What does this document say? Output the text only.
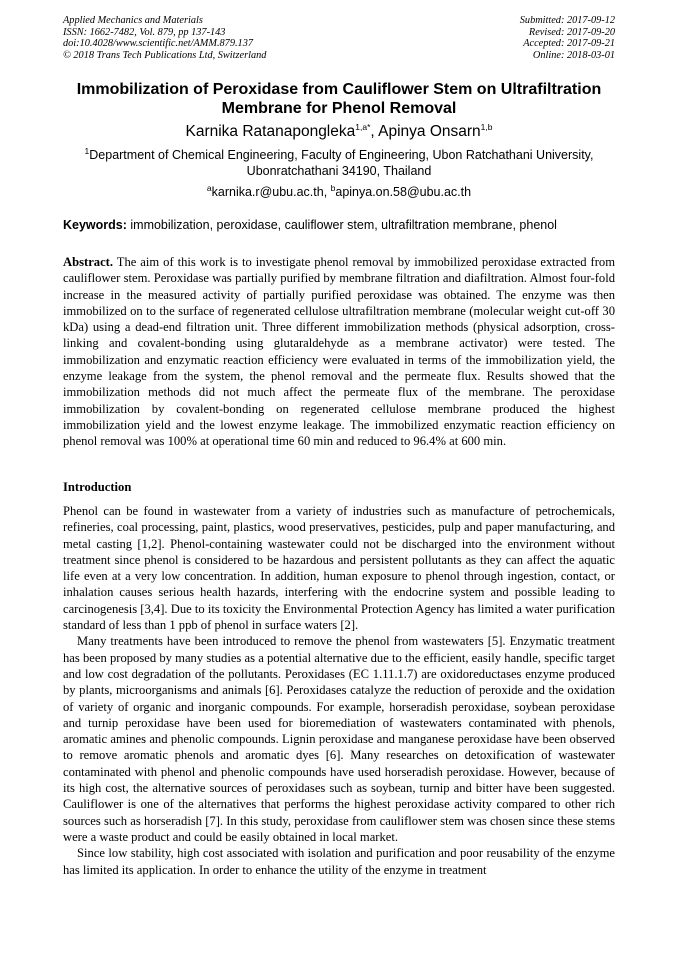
Applied Mechanics and Materials
ISSN: 1662-7482, Vol. 879, pp 137-143
doi:10.4028/www.scientific.net/AMM.879.137
© 2018 Trans Tech Publications Ltd, Switzerland
Submitted: 2017-09-12
Revised: 2017-09-20
Accepted: 2017-09-21
Online: 2018-03-01
Immobilization of Peroxidase from Cauliflower Stem on Ultrafiltration Membrane for Phenol Removal
Karnika Ratanapongleka$^{1,a*}$, Apinya Onsarn$^{1,b}$
$^1$Department of Chemical Engineering, Faculty of Engineering, Ubon Ratchathani University,
Ubonratchathani 34190, Thailand
$^a$karnika.r@ubu.ac.th, $^b$apinya.on.58@ubu.ac.th
Keywords: immobilization, peroxidase, cauliflower stem, ultrafiltration membrane, phenol

Abstract. The aim of this work is to investigate phenol removal by immobilized peroxidase extracted from cauliflower stem. Peroxidase was partially purified by membrane filtration and diafiltration. Almost four-fold increase in the measured activity of partially purified peroxidase was obtained. The enzyme was then immobilized on to the surface of regenerated cellulose ultrafiltration membrane (molecular weight cut-off 30 kDa) using a dead-end filtration unit. Three different immobilization methods (physical adsorption, cross-linking and covalent-bonding using glutaraldehyde as a membrane activator) were tested. The immobilization and enzymatic reaction efficiency were evaluated in terms of the immobilization yield, the enzyme leakage from the system, the phenol removal and the permeate flux. Results showed that the immobilization methods did not much affect the permeate flux of the membrane. The peroxidase immobilization by covalent-bonding on regenerated cellulose membrane produced the highest immobilization yield and the lowest enzyme leakage. The immobilized enzymatic reaction efficiency on phenol removal was 100% at operational time 60 min and reduced to 96.4% at 600 min.

Introduction

Phenol can be found in wastewater from a variety of industries such as manufacture of petrochemicals, refineries, coal processing, paint, plastics, wood preservatives, pesticides, pulp and paper manufacturing, and metal casting [1,2]. Phenol-containing wastewater could not be discharged into the environment without treatment since phenol is considered to be hazardous and persistent pollutants as they can affect the aquatic life even at a very low concentration. In addition, human exposure to phenol through ingestion, contact, or inhalation causes serious health hazards, interfering with the endocrine system and possible leading to carcinogenesis [3,4]. Due to its toxicity the Environmental Protection Agency has limited a water purification standard of less than 1 ppb of phenol in surface waters [2].

Many treatments have been introduced to remove the phenol from wastewaters [5]. Enzymatic treatment has been proposed by many studies as a potential alternative due to the efficient, easily handle, specific target and low cost degradation of the pollutants. Peroxidases (EC 1.11.1.7) are oxidoreductases enzyme produced by plants, microorganisms and animals [6]. Peroxidases catalyze the reduction of peroxide and the oxidation of variety of organic and inorganic compounds. For example, horseradish peroxidase, soybean peroxidase and turnip peroxidase have been used for bioremediation of wastewaters contaminated with phenols, aromatic amines and phenolic compounds. Lignin peroxidase and manganese peroxidase have been observed to remove aromatic phenols and aromatic dyes [6]. Many researches on detoxification of wastewater contaminated with phenol and phenolic compounds have used horseradish peroxidase. However, because of its high cost, the alternative sources of peroxidases such as soybean, turnip and bitter have been suggested. Cauliflower is one of the alternatives that performs the highest peroxidase activity compared to other rich sources such as horseradish [7]. In this study, peroxidase from cauliflower stem was chosen since these stems were a waste product and could be easily obtained in local market.

Since low stability, high cost associated with isolation and purification and poor reusability of the enzyme has limited its application. In order to enhance the utility of the enzyme in treatment
